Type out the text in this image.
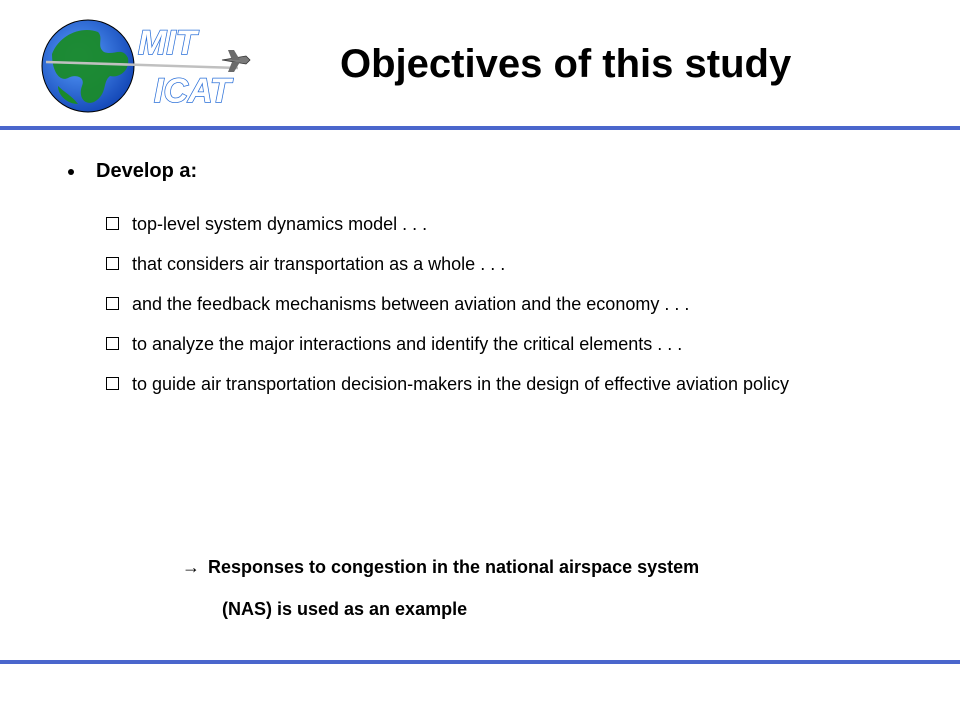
MIT
ICAT
Objectives of this study
Develop a:
top-level system dynamics model . . .
that considers air transportation as a whole . . .
and the feedback mechanisms between aviation and the economy . . .
to analyze the major interactions and identify the critical elements . . .
to guide air transportation decision-makers in the design of effective aviation policy
→ Responses to congestion in the national airspace system
(NAS) is used as an example
